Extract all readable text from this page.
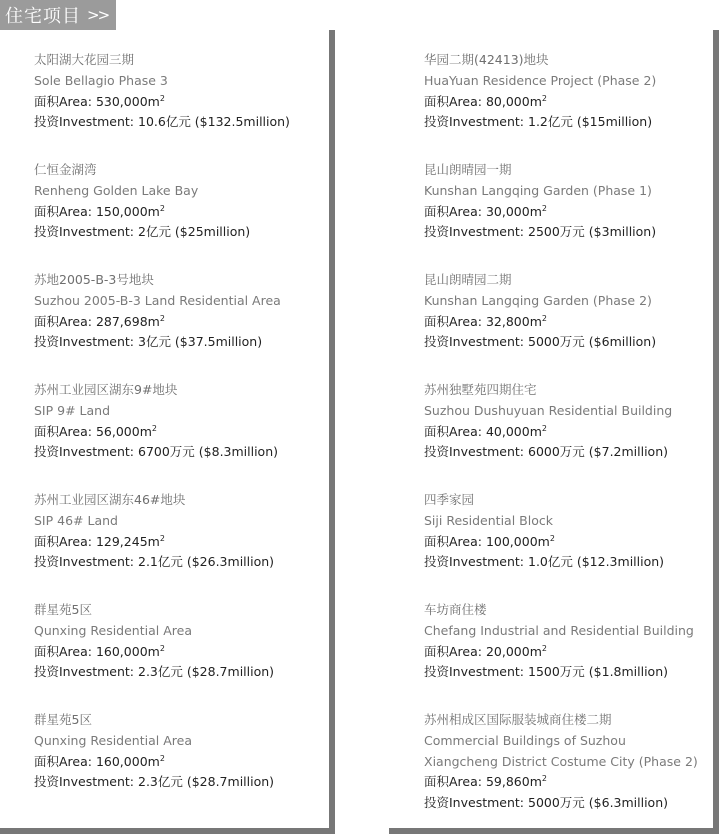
住宅项目 >>
太阳湖大花园三期
Sole Bellagio Phase 3
面积Area: $530,000m^2$
投资Investment: 10.6亿元 ($132.5million)
仁恒金湖湾
Renheng Golden Lake Bay
面积Area: $150,000m^2$
投资Investment: 2亿元 ($25million)
苏地2005-B-3号地块
Suzhou 2005-B-3 Land Residential Area
面积Area: $287,698m^2$
投资Investment: 3亿元 ($37.5million)
苏州工业园区湖东9#地块
SIP 9# Land
面积Area: $56,000m^2$
投资Investment: 6700万元 ($8.3million)
苏州工业园区湖东46#地块
SIP 46# Land
面积Area: $129,245m^2$
投资Investment: 2.1亿元 ($26.3million)
群星苑5区
Qunxing Residential Area
面积Area: $160,000m^2$
投资Investment: 2.3亿元 ($28.7million)
群星苑5区
Qunxing Residential Area
面积Area: $160,000m^2$
投资Investment: 2.3亿元 ($28.7million)
华园二期(42413)地块
HuaYuan Residence Project (Phase 2)
面积Area: $80,000m^2$
投资Investment: 1.2亿元 ($15million)
昆山朗晴园一期
Kunshan Langqing Garden (Phase 1)
面积Area: $30,000m^2$
投资Investment: 2500万元 ($3million)
昆山朗晴园二期
Kunshan Langqing Garden (Phase 2)
面积Area: $32,800m^2$
投资Investment: 5000万元 ($6million)
苏州独墅苑四期住宅
Suzhou Dushuyuan Residential Building
面积Area: $40,000m^2$
投资Investment: 6000万元 ($7.2million)
四季家园
Siji Residential Block
面积Area: $100,000m^2$
投资Investment: 1.0亿元 ($12.3million)
车坊商住楼
Chefang Industrial and Residential Building
面积Area: $20,000m^2$
投资Investment: 1500万元 ($1.8million)
苏州相成区国际服装城商住楼二期
Commercial Buildings of Suzhou
Xiangcheng District Costume City (Phase 2)
面积Area: $59,860m^2$
投资Investment: 5000万元 ($6.3million)
